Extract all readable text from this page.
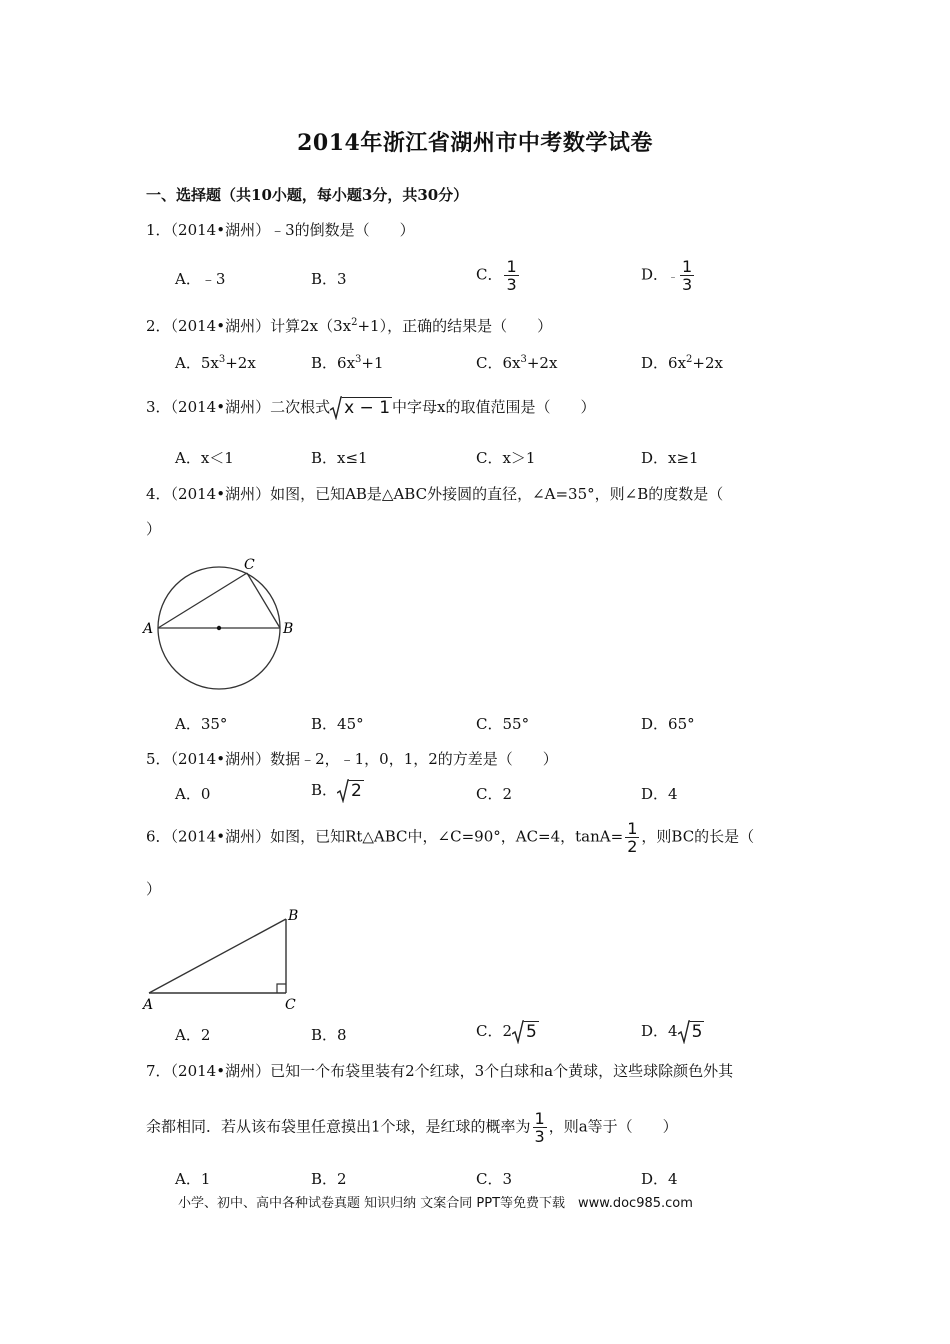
2014年浙江省湖州市中考数学试卷
一、选择题（共10小题，每小题3分，共30分）
1．（2014•湖州）﹣3的倒数是（　　）
A．﹣3	B．3	C． $\frac{1}{3}$	D．﹣ $\frac{1}{3}$
2．（2014•湖州）计算$2x(3x^2+1)$，正确的结果是（　　）
A．$5x^3+2x$	B．$6x^3+1$	C．$6x^3+2x$	D．$6x^2+2x$
3．（2014•湖州）二次根式 x − 1 中字母x的取值范围是（　　）
A．x＜1	B．x≤1	C．x＞1	D．x≥1
4．（2014•湖州）如图，已知AB是△ABC外接圆的直径，∠A=35°，则∠B的度数是（
）
A	B
C
A．35°	B．45°	C．55°	D．65°
5．（2014•湖州）数据﹣2，﹣1，0，1，2的方差是（　　）
A．0	B． 2	C．2	D．4
6．（2014•湖州）如图，已知Rt△ABC中，∠C=90°，AC=4，$\tan A= \frac{1}{2}$ ，则BC的长是（
）
A
B
C
A．2	B．8	C．2 5	D．4 5
7．（2014•湖州）已知一个布袋里装有2个红球，3个白球和a个黄球，这些球除颜色外其
余都相同．若从该布袋里任意摸出1个球，是红球的概率为 $\frac{1}{3}$ ，则a等于（　　）
A．1	B．2	C．3	D．4
小学、初中、高中各种试卷真题 知识归纳 文案合同 PPT等免费下载　www.doc985.com
